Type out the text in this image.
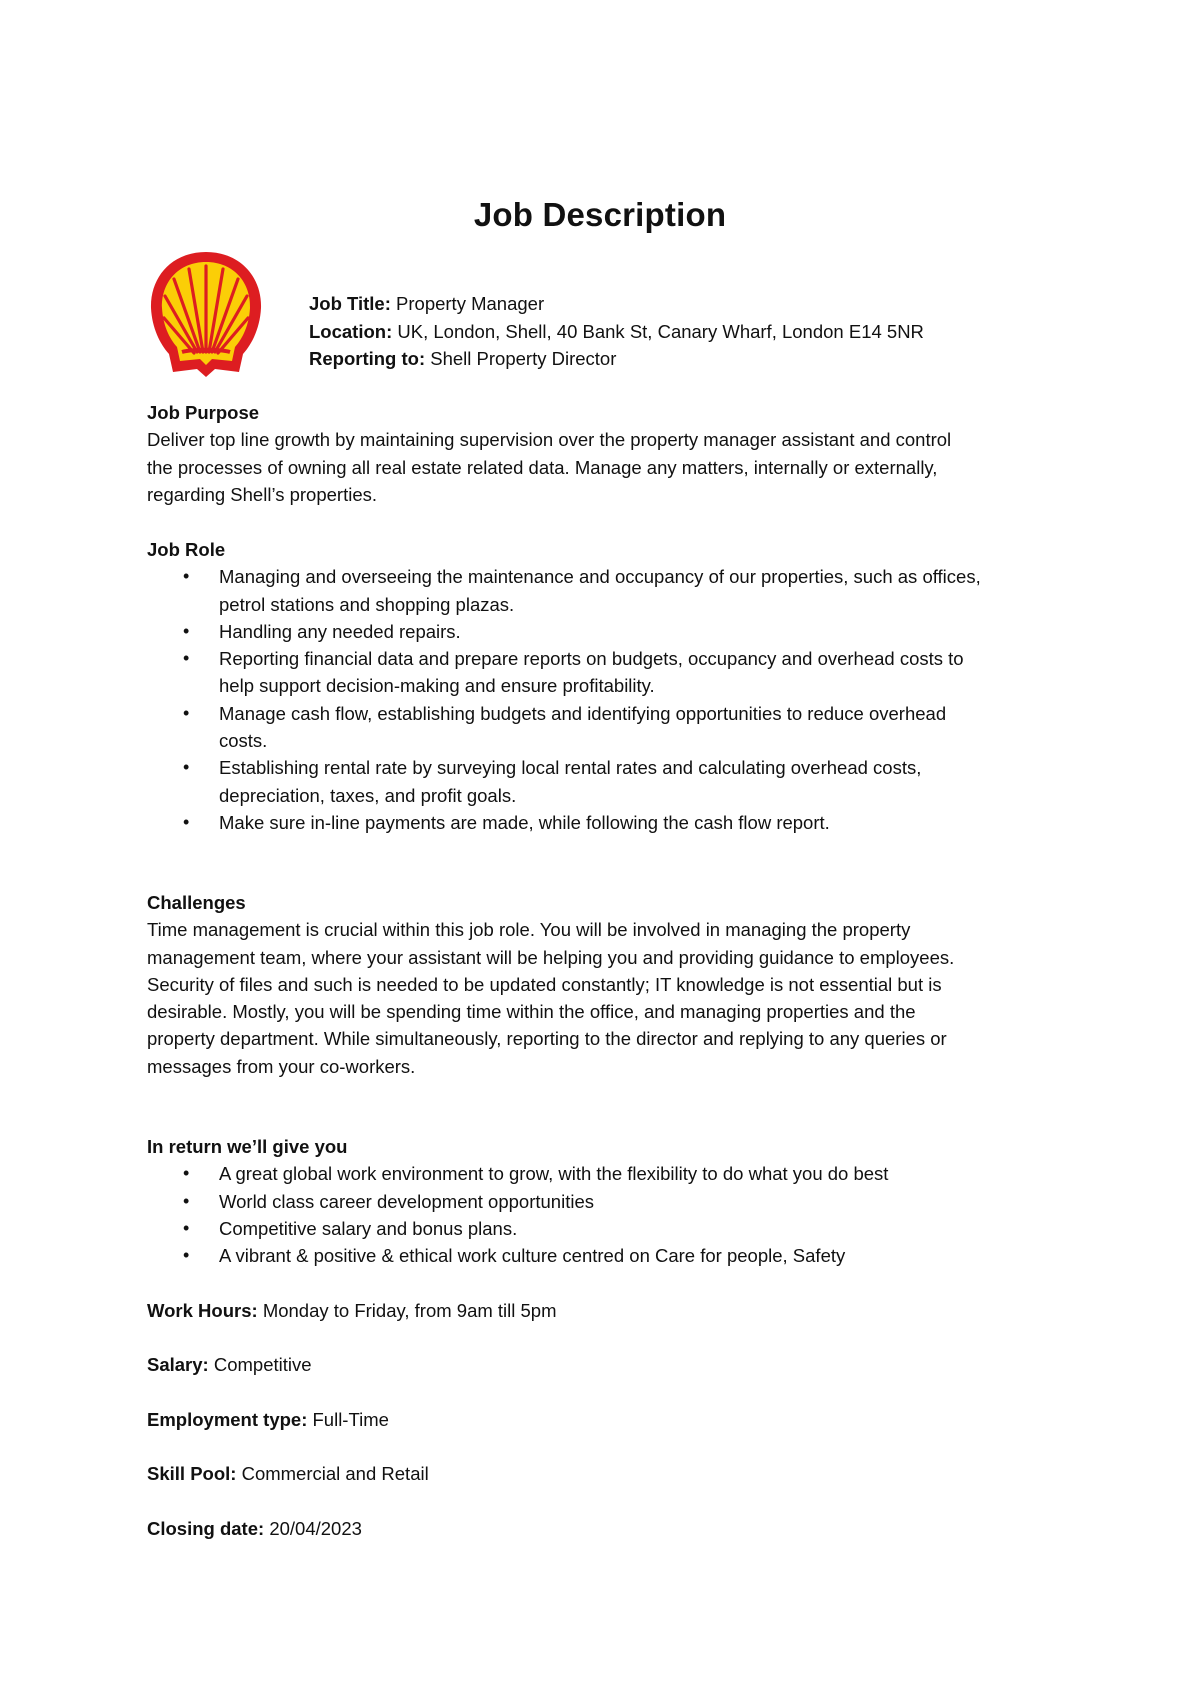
Job Description
Job Title: Property Manager
Location: UK, London, Shell, 40 Bank St, Canary Wharf, London E14 5NR
Reporting to: Shell Property Director
Job Purpose
Deliver top line growth by maintaining supervision over the property manager assistant and control
the processes of owning all real estate related data. Manage any matters, internally or externally,
regarding Shell’s properties.
Job Role
• Managing and overseeing the maintenance and occupancy of our properties, such as offices,
petrol stations and shopping plazas.
• Handling any needed repairs.
• Reporting financial data and prepare reports on budgets, occupancy and overhead costs to
help support decision-making and ensure profitability.
• Manage cash flow, establishing budgets and identifying opportunities to reduce overhead
costs.
• Establishing rental rate by surveying local rental rates and calculating overhead costs,
depreciation, taxes, and profit goals.
• Make sure in-line payments are made, while following the cash flow report.
Challenges
Time management is crucial within this job role. You will be involved in managing the property
management team, where your assistant will be helping you and providing guidance to employees.
Security of files and such is needed to be updated constantly; IT knowledge is not essential but is
desirable. Mostly, you will be spending time within the office, and managing properties and the
property department. While simultaneously, reporting to the director and replying to any queries or
messages from your co-workers.
In return we’ll give you
• A great global work environment to grow, with the flexibility to do what you do best
• World class career development opportunities
• Competitive salary and bonus plans.
• A vibrant & positive & ethical work culture centred on Care for people, Safety
Work Hours: Monday to Friday, from 9am till 5pm
Salary: Competitive
Employment type: Full-Time
Skill Pool: Commercial and Retail
Closing date: 20/04/2023
